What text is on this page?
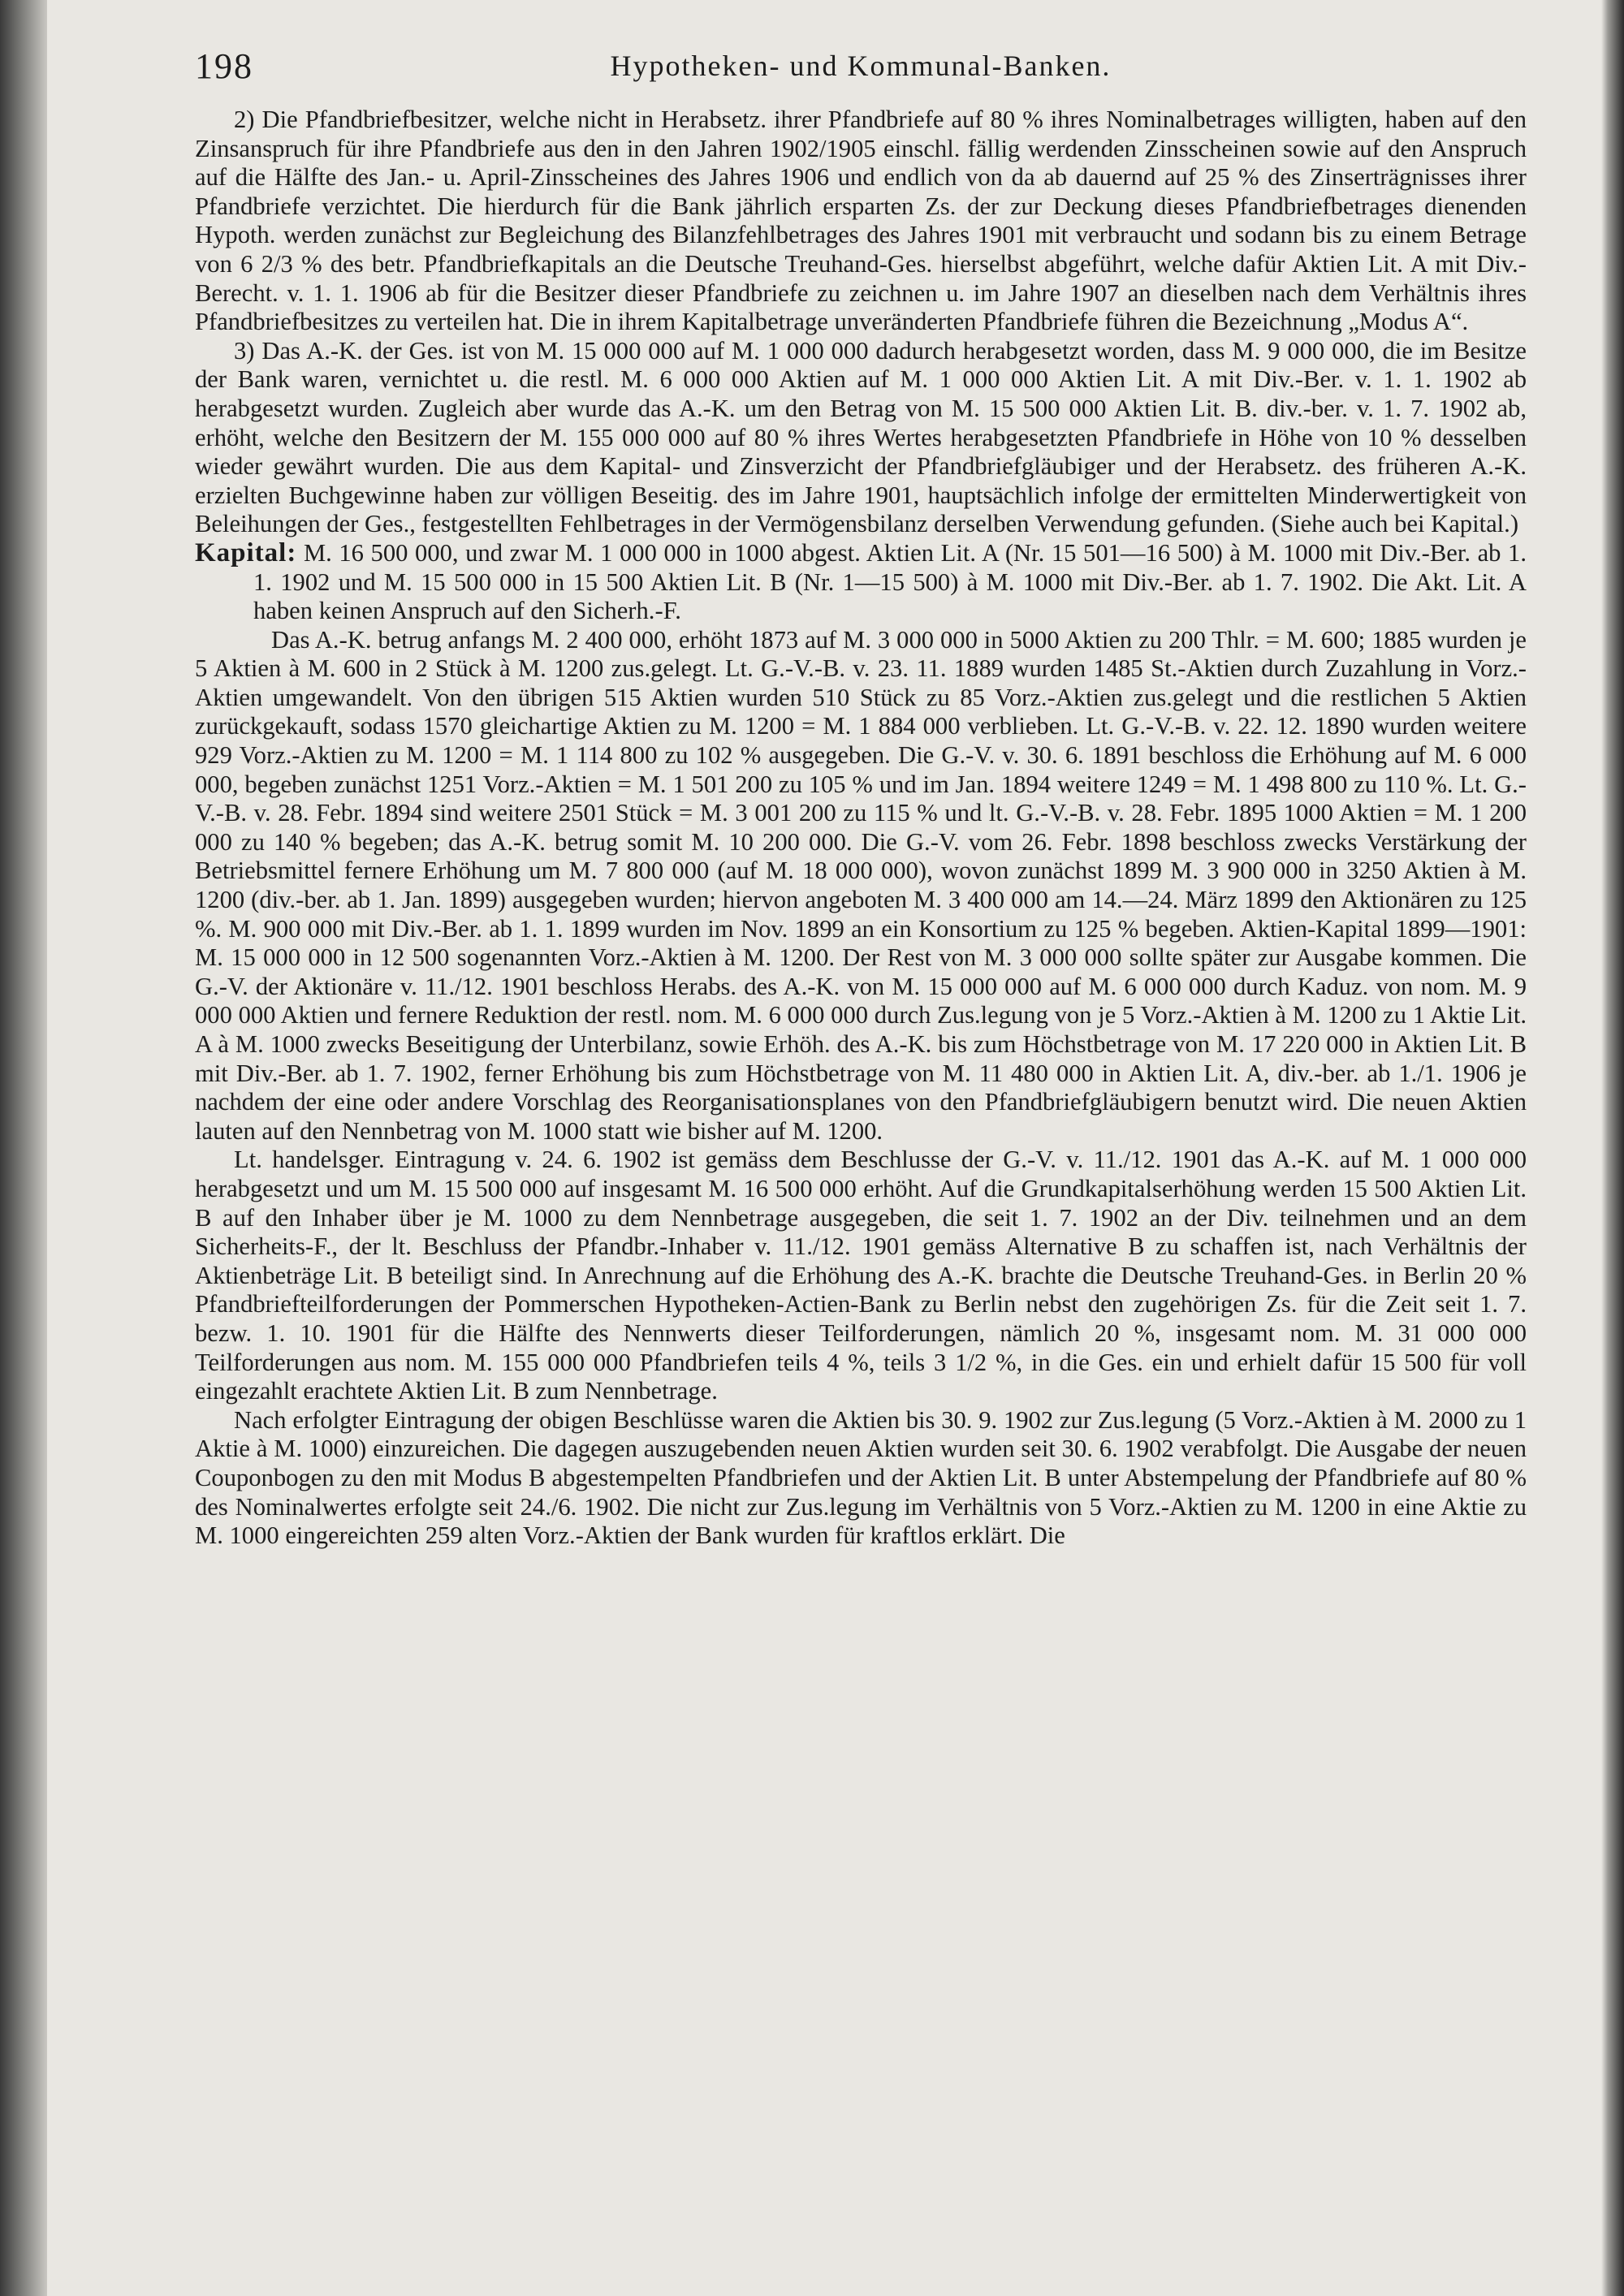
198	Hypotheken- und Kommunal-Banken.

2) Die Pfandbriefbesitzer, welche nicht in Herabsetz. ihrer Pfandbriefe auf 80 % ihres Nominalbetrages willigten, haben auf den Zinsanspruch für ihre Pfandbriefe aus den in den Jahren 1902/1905 einschl. fällig werdenden Zinsscheinen sowie auf den Anspruch auf die Hälfte des Jan.- u. April-Zinsscheines des Jahres 1906 und endlich von da ab dauernd auf 25 % des Zinserträgnisses ihrer Pfandbriefe verzichtet. Die hierdurch für die Bank jährlich ersparten Zs. der zur Deckung dieses Pfandbriefbetrages dienenden Hypoth. werden zunächst zur Begleichung des Bilanzfehlbetrages des Jahres 1901 mit verbraucht und sodann bis zu einem Betrage von 6 2/3 % des betr. Pfandbriefkapitals an die Deutsche Treuhand-Ges. hierselbst abgeführt, welche dafür Aktien Lit. A mit Div.-Berecht. v. 1. 1. 1906 ab für die Besitzer dieser Pfandbriefe zu zeichnen u. im Jahre 1907 an dieselben nach dem Verhältnis ihres Pfandbriefbesitzes zu verteilen hat. Die in ihrem Kapitalbetrage unveränderten Pfandbriefe führen die Bezeichnung „Modus A“.

3) Das A.-K. der Ges. ist von M. 15 000 000 auf M. 1 000 000 dadurch herabgesetzt worden, dass M. 9 000 000, die im Besitze der Bank waren, vernichtet u. die restl. M. 6 000 000 Aktien auf M. 1 000 000 Aktien Lit. A mit Div.-Ber. v. 1. 1. 1902 ab herabgesetzt wurden. Zugleich aber wurde das A.-K. um den Betrag von M. 15 500 000 Aktien Lit. B. div.-ber. v. 1. 7. 1902 ab, erhöht, welche den Besitzern der M. 155 000 000 auf 80 % ihres Wertes herabgesetzten Pfandbriefe in Höhe von 10 % desselben wieder gewährt wurden. Die aus dem Kapital- und Zinsverzicht der Pfandbriefgläubiger und der Herabsetz. des früheren A.-K. erzielten Buchgewinne haben zur völligen Beseitig. des im Jahre 1901, hauptsächlich infolge der ermittelten Minderwertigkeit von Beleihungen der Ges., festgestellten Fehlbetrages in der Vermögensbilanz derselben Verwendung gefunden. (Siehe auch bei Kapital.)

Kapital: M. 16 500 000, und zwar M. 1 000 000 in 1000 abgest. Aktien Lit. A (Nr. 15 501—16 500) à M. 1000 mit Div.-Ber. ab 1. 1. 1902 und M. 15 500 000 in 15 500 Aktien Lit. B (Nr. 1—15 500) à M. 1000 mit Div.-Ber. ab 1. 7. 1902. Die Akt. Lit. A haben keinen Anspruch auf den Sicherh.-F.

Das A.-K. betrug anfangs M. 2 400 000, erhöht 1873 auf M. 3 000 000 in 5000 Aktien zu 200 Thlr. = M. 600; 1885 wurden je 5 Aktien à M. 600 in 2 Stück à M. 1200 zus.gelegt. Lt. G.-V.-B. v. 23. 11. 1889 wurden 1485 St.-Aktien durch Zuzahlung in Vorz.-Aktien umgewandelt. Von den übrigen 515 Aktien wurden 510 Stück zu 85 Vorz.-Aktien zus.gelegt und die restlichen 5 Aktien zurückgekauft, sodass 1570 gleichartige Aktien zu M. 1200 = M. 1 884 000 verblieben. Lt. G.-V.-B. v. 22. 12. 1890 wurden weitere 929 Vorz.-Aktien zu M. 1200 = M. 1 114 800 zu 102 % ausgegeben. Die G.-V. v. 30. 6. 1891 beschloss die Erhöhung auf M. 6 000 000, begeben zunächst 1251 Vorz.-Aktien = M. 1 501 200 zu 105 % und im Jan. 1894 weitere 1249 = M. 1 498 800 zu 110 %. Lt. G.-V.-B. v. 28. Febr. 1894 sind weitere 2501 Stück = M. 3 001 200 zu 115 % und lt. G.-V.-B. v. 28. Febr. 1895 1000 Aktien = M. 1 200 000 zu 140 % begeben; das A.-K. betrug somit M. 10 200 000. Die G.-V. vom 26. Febr. 1898 beschloss zwecks Verstärkung der Betriebsmittel fernere Erhöhung um M. 7 800 000 (auf M. 18 000 000), wovon zunächst 1899 M. 3 900 000 in 3250 Aktien à M. 1200 (div.-ber. ab 1. Jan. 1899) ausgegeben wurden; hiervon angeboten M. 3 400 000 am 14.—24. März 1899 den Aktionären zu 125 %. M. 900 000 mit Div.-Ber. ab 1. 1. 1899 wurden im Nov. 1899 an ein Konsortium zu 125 % begeben. Aktien-Kapital 1899—1901: M. 15 000 000 in 12 500 sogenannten Vorz.-Aktien à M. 1200. Der Rest von M. 3 000 000 sollte später zur Ausgabe kommen. Die G.-V. der Aktionäre v. 11./12. 1901 beschloss Herabs. des A.-K. von M. 15 000 000 auf M. 6 000 000 durch Kaduz. von nom. M. 9 000 000 Aktien und fernere Reduktion der restl. nom. M. 6 000 000 durch Zus.legung von je 5 Vorz.-Aktien à M. 1200 zu 1 Aktie Lit. A à M. 1000 zwecks Beseitigung der Unterbilanz, sowie Erhöh. des A.-K. bis zum Höchstbetrage von M. 17 220 000 in Aktien Lit. B mit Div.-Ber. ab 1. 7. 1902, ferner Erhöhung bis zum Höchstbetrage von M. 11 480 000 in Aktien Lit. A, div.-ber. ab 1./1. 1906 je nachdem der eine oder andere Vorschlag des Reorganisationsplanes von den Pfandbriefgläubigern benutzt wird. Die neuen Aktien lauten auf den Nennbetrag von M. 1000 statt wie bisher auf M. 1200.

Lt. handelsger. Eintragung v. 24. 6. 1902 ist gemäss dem Beschlusse der G.-V. v. 11./12. 1901 das A.-K. auf M. 1 000 000 herabgesetzt und um M. 15 500 000 auf insgesamt M. 16 500 000 erhöht. Auf die Grundkapitalserhöhung werden 15 500 Aktien Lit. B auf den Inhaber über je M. 1000 zu dem Nennbetrage ausgegeben, die seit 1. 7. 1902 an der Div. teilnehmen und an dem Sicherheits-F., der lt. Beschluss der Pfandbr.-Inhaber v. 11./12. 1901 gemäss Alternative B zu schaffen ist, nach Verhältnis der Aktienbeträge Lit. B beteiligt sind. In Anrechnung auf die Erhöhung des A.-K. brachte die Deutsche Treuhand-Ges. in Berlin 20 % Pfandbriefteilforderungen der Pommerschen Hypotheken-Actien-Bank zu Berlin nebst den zugehörigen Zs. für die Zeit seit 1. 7. bezw. 1. 10. 1901 für die Hälfte des Nennwerts dieser Teilforderungen, nämlich 20 %, insgesamt nom. M. 31 000 000 Teilforderungen aus nom. M. 155 000 000 Pfandbriefen teils 4 %, teils 3 1/2 %, in die Ges. ein und erhielt dafür 15 500 für voll eingezahlt erachtete Aktien Lit. B zum Nennbetrage.

Nach erfolgter Eintragung der obigen Beschlüsse waren die Aktien bis 30. 9. 1902 zur Zus.legung (5 Vorz.-Aktien à M. 2000 zu 1 Aktie à M. 1000) einzureichen. Die dagegen auszugebenden neuen Aktien wurden seit 30. 6. 1902 verabfolgt. Die Ausgabe der neuen Couponbogen zu den mit Modus B abgestempelten Pfandbriefen und der Aktien Lit. B unter Abstempelung der Pfandbriefe auf 80 % des Nominalwertes erfolgte seit 24./6. 1902. Die nicht zur Zus.legung im Verhältnis von 5 Vorz.-Aktien zu M. 1200 in eine Aktie zu M. 1000 eingereichten 259 alten Vorz.-Aktien der Bank wurden für kraftlos erklärt. Die
